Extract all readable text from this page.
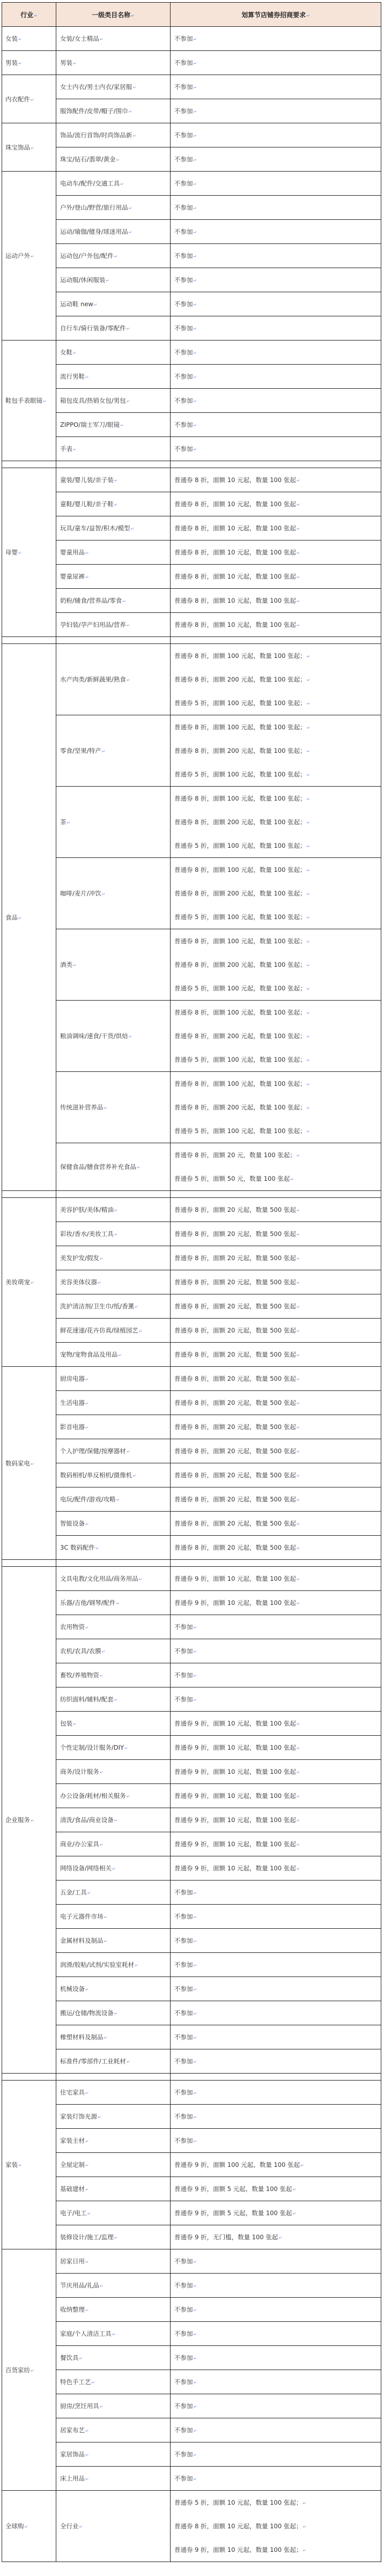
行业 ↵	一级类目名称 ↵	划算节店铺券招商要求 ↵
女装 ↵	女装/女士精品 ↵	不参加 ↵

男装 ↵	男装 ↵	不参加 ↵

内衣配件 ↵	女士内衣/男士内衣/家居服 ↵	不参加 ↵

	服饰配件/皮带/帽子/围巾 ↵	不参加 ↵

珠宝饰品 ↵	饰品/流行首饰/时尚饰品新 ↵	不参加 ↵

	珠宝/钻石/翡翠/黄金 ↵	不参加 ↵

运动户外 ↵	电动车/配件/交通工具 ↵	不参加 ↵

	户外/登山/野营/旅行用品 ↵	不参加 ↵

	运动/瑜伽/健身/球迷用品 ↵	不参加 ↵

	运动包/户外包/配件 ↵	不参加 ↵

	运动服/休闲服装 ↵	不参加 ↵

	运动鞋 new ↵	不参加 ↵

	自行车/骑行装备/零配件 ↵	不参加 ↵

鞋包手表眼镜 ↵	女鞋 ↵	不参加 ↵

	流行男鞋 ↵	不参加 ↵

	箱包皮具/热销女包/男包 ↵	不参加 ↵

	ZIPPO/瑞士军刀/眼镜 ↵	不参加 ↵

	手表 ↵	不参加 ↵

母婴 ↵	童装/婴儿装/亲子装 ↵	普通券 8 折，面额 10 元起，数量 100 张起 ↵

	童鞋/婴儿鞋/亲子鞋 ↵	普通券 8 折，面额 10 元起，数量 100 张起 ↵

	玩具/童车/益智/积木/模型 ↵	普通券 8 折，面额 10 元起，数量 100 张起 ↵

	婴童用品 ↵	普通券 8 折，面额 10 元起，数量 100 张起 ↵

	婴童尿裤 ↵	普通券 8 折，面额 10 元起，数量 100 张起 ↵

	奶粉/辅食/营养品/零食 ↵	普通券 8 折，面额 10 元起，数量 100 张起 ↵

	孕妇装/孕产妇用品/营养 ↵	普通券 8 折，面额 10 元起，数量 100 张起 ↵

食品 ↵	水产肉类/新鲜蔬果/熟食 ↵	普通券 8 折，面额 100 元起，数量 100 张起； ↵
普通券 8 折，面额 200 元起，数量 100 张起； ↵
普通券 5 折，面额 100 元起，数量 100 张起； ↵

	零食/坚果/特产 ↵	普通券 8 折，面额 100 元起，数量 100 张起； ↵
普通券 8 折，面额 200 元起，数量 100 张起； ↵
普通券 5 折，面额 100 元起，数量 100 张起； ↵

	茶 ↵	普通券 8 折，面额 100 元起，数量 100 张起； ↵
普通券 8 折，面额 200 元起，数量 100 张起； ↵
普通券 5 折，面额 100 元起，数量 100 张起； ↵

	咖啡/麦片/冲饮 ↵	普通券 8 折，面额 100 元起，数量 100 张起； ↵
普通券 8 折，面额 200 元起，数量 100 张起； ↵
普通券 5 折，面额 100 元起，数量 100 张起； ↵

	酒类 ↵	普通券 8 折，面额 100 元起，数量 100 张起； ↵
普通券 8 折，面额 200 元起，数量 100 张起； ↵
普通券 5 折，面额 100 元起，数量 100 张起； ↵

	粮油调味/速食/干货/烘焙 ↵	普通券 8 折，面额 100 元起，数量 100 张起； ↵
普通券 8 折，面额 200 元起，数量 100 张起； ↵
普通券 5 折，面额 100 元起，数量 100 张起； ↵

	传统滋补营养品 ↵	普通券 8 折，面额 100 元起，数量 100 张起； ↵
普通券 8 折，面额 200 元起，数量 100 张起； ↵
普通券 5 折，面额 100 元起，数量 100 张起； ↵

	保健食品/膳食营养补充食品 ↵	普通券 8 折，面额 20 元，数量 100 张起； ↵
普通券 5 折，面额 50 元，数量 100 张起 ↵

美妆萌宠 ↵	美容护肤/美体/精油 ↵	普通券 8 折，面额 20 元起，数量 500 张起 ↵

	彩妆/香水/美妆工具 ↵	普通券 8 折，面额 20 元起，数量 500 张起 ↵

	美发护发/假发 ↵	普通券 8 折，面额 20 元起，数量 500 张起 ↵

	美容美体仪器 ↵	普通券 8 折，面额 20 元起，数量 500 张起 ↵

	洗护清洁剂/卫生巾/纸/香薰 ↵	普通券 8 折，面额 20 元起，数量 500 张起 ↵

	鲜花速递/花卉仿真/绿植园艺 ↵	普通券 8 折，面额 20 元起，数量 500 张起 ↵

	宠物/宠物食品及用品 ↵	普通券 8 折，面额 20 元起，数量 500 张起 ↵

数码家电 ↵	厨房电器 ↵	普通券 8 折，面额 20 元起，数量 500 张起 ↵

	生活电器 ↵	普通券 8 折，面额 20 元起，数量 500 张起 ↵

	影音电器 ↵	普通券 8 折，面额 20 元起，数量 500 张起 ↵

	个人护理/保健/按摩器材 ↵	普通券 8 折，面额 20 元起，数量 500 张起 ↵

	数码相机/单反相机/摄像机 ↵	普通券 8 折，面额 20 元起，数量 500 张起 ↵

	电玩/配件/游戏/攻略 ↵	普通券 8 折，面额 20 元起，数量 500 张起 ↵

	智能设备 ↵	普通券 8 折，面额 20 元起，数量 500 张起 ↵

	3C 数码配件 ↵	普通券 8 折，面额 20 元起，数量 500 张起 ↵

企业服务 ↵	文具电教/文化用品/商务用品 ↵	普通券 9 折，面额 10 元起，数量 100 张起 ↵

	乐器/吉他/钢琴/配件 ↵	普通券 9 折，面额 10 元起，数量 100 张起 ↵

	农用物资 ↵	不参加 ↵

	农机/农具/农膜 ↵	不参加 ↵

	畜牧/养殖物资 ↵	不参加 ↵

	纺织面料/辅料/配套 ↵	不参加 ↵

	包装 ↵	普通券 9 折，面额 10 元起，数量 100 张起 ↵

	个性定制/设计服务/DIY ↵	普通券 9 折，面额 10 元起，数量 100 张起 ↵

	商务/设计服务 ↵	普通券 9 折，面额 10 元起，数量 100 张起 ↵

	办公设备/耗材/相关服务 ↵	普通券 9 折，面额 10 元起，数量 100 张起 ↵

	清洗/食品/商业设备 ↵	普通券 9 折，面额 10 元起，数量 100 张起 ↵

	商业/办公家具 ↵	普通券 9 折，面额 10 元起，数量 100 张起 ↵

	网络设备/网络相关 ↵	普通券 9 折，面额 10 元起，数量 100 张起 ↵

	五金/工具 ↵	不参加 ↵

	电子元器件市场 ↵	不参加 ↵

	金属材料及制品 ↵	不参加 ↵

	润滑/胶粘/试剂/实验室耗材 ↵	不参加 ↵

	机械设备 ↵	不参加 ↵

	搬运/仓储/物流设备 ↵	不参加 ↵

	橡塑材料及制品 ↵	不参加 ↵

	标准件/零部件/工业耗材 ↵	不参加 ↵

家装 ↵	住宅家具 ↵	不参加 ↵

	家装灯饰光源 ↵	不参加 ↵

	家装主材 ↵	不参加 ↵

	全屋定制 ↵	普通券 9 折，面额 100 元起，数量 100 张起 ↵

	基础建材 ↵	普通券 9 折，面额 5 元起，数量 100 张起 ↵

	电子/电工 ↵	普通券 9 折，面额 5 元起，数量 100 张起 ↵

	装修设计/施工/监理 ↵	普通券 9 折，无门槛，数量 100 张起 ↵

百货家纺 ↵	居家日用 ↵	不参加 ↵

	节庆用品/礼品 ↵	不参加 ↵

	收纳整理 ↵	不参加 ↵

	家庭/个人清洁工具 ↵	不参加 ↵

	餐饮具 ↵	不参加 ↵

	特色手工艺 ↵	不参加 ↵

	厨房/烹饪用具 ↵	不参加 ↵

	居家布艺 ↵	不参加 ↵

	家居饰品 ↵	不参加 ↵

	床上用品 ↵	不参加 ↵

全球购 ↵	全行业 ↵	普通券 5 折，面额 10 元起，数量 100 张起； ↵
普通券 8 折，面额 10 元起，数量 100 张起； ↵
普通券 9 折，面额 10 元起，数量 100 张起； ↵
